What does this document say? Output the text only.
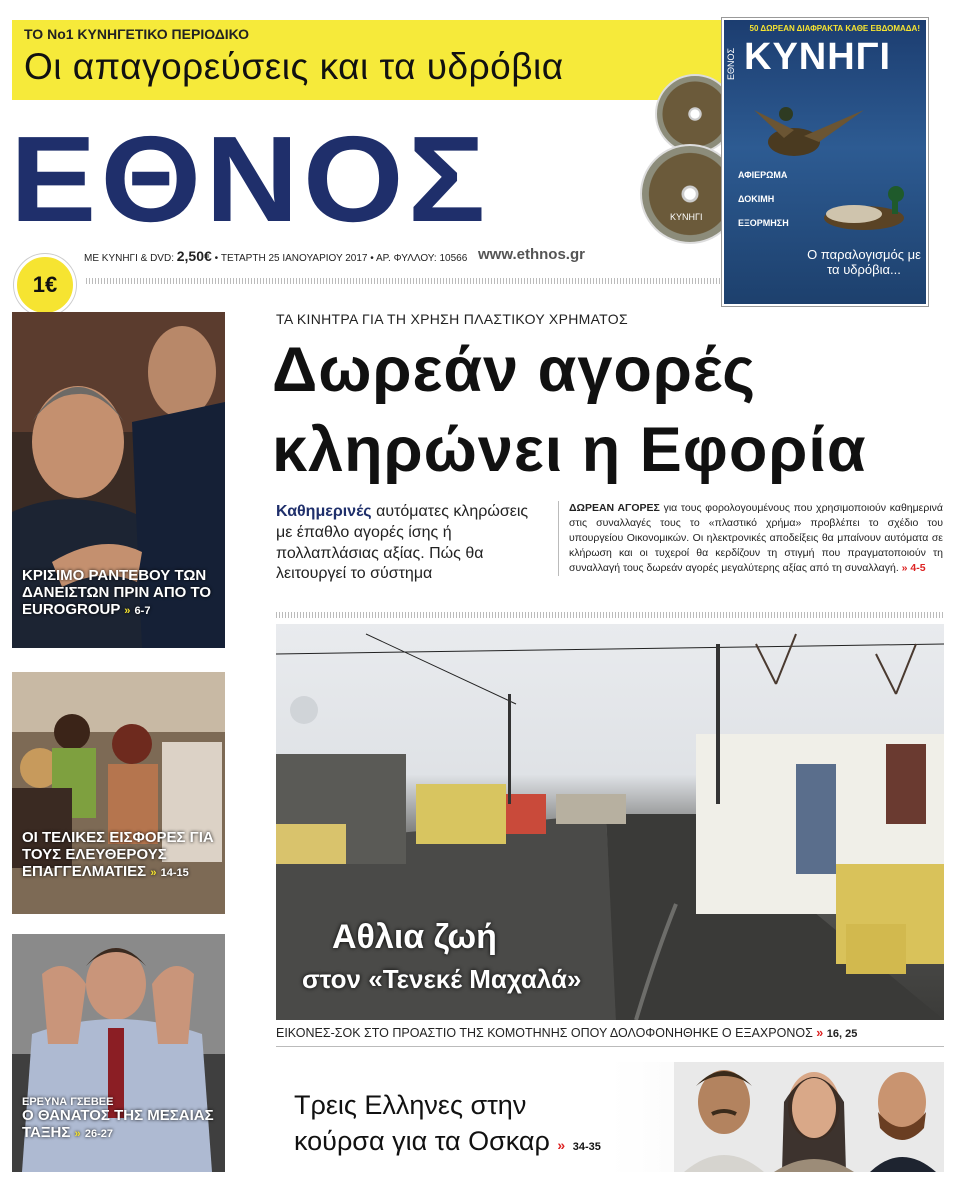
ΤΟ Νο1 ΚΥΝΗΓΕΤΙΚΟ ΠΕΡΙΟΔΙΚΟ
Οι απαγορεύσεις και τα υδρόβια
ΕΘΝΟΣ
ΜΕ ΚΥΝΗΓΙ & DVD: 2,50€ • ΤΕΤΑΡΤΗ 25 ΙΑΝΟΥΑΡΙΟΥ 2017 • ΑΡ. ΦΥΛΛΟΥ: 10566 www.ethnos.gr
1€
ΚΥΝΗΓΙ
50 ΔΩΡΕΑΝ ΔΙΑΦΡΑΚΤΑ ΚΑΘΕ ΕΒΔΟΜΑΔΑ!
ΕΘΝΟΣ ΚΥΝΗΓΙ
ΑΦΙΕΡΩΜΑ
ΔΟΚΙΜΗ
ΕΞΟΡΜΗΣΗ
Ο παραλογισμός με τα υδρόβια...
ΚΡΙΣΙΜΟ ΡΑΝΤΕΒΟΥ ΤΩΝ ΔΑΝΕΙΣΤΩΝ ΠΡΙΝ ΑΠΟ ΤΟ EUROGROUP » 6-7
ΟΙ ΤΕΛΙΚΕΣ ΕΙΣΦΟΡΕΣ ΓΙΑ ΤΟΥΣ ΕΛΕΥΘΕΡΟΥΣ ΕΠΑΓΓΕΛΜΑΤΙΕΣ » 14-15
ΕΡΕΥΝΑ ΓΣΕΒΕΕ
Ο ΘΑΝΑΤΟΣ ΤΗΣ ΜΕΣΑΙΑΣ ΤΑΞΗΣ » 26-27
ΤΑ ΚΙΝΗΤΡΑ ΓΙΑ ΤΗ ΧΡΗΣΗ ΠΛΑΣΤΙΚΟΥ ΧΡΗΜΑΤΟΣ
Δωρεάν αγορές
κληρώνει η Εφορία
Καθημερινές αυτόματες κληρώσεις με έπαθλο αγορές ίσης ή πολλαπλάσιας αξίας. Πώς θα λειτουργεί το σύστημα
ΔΩΡΕΑΝ ΑΓΟΡΕΣ για τους φορολογουμένους που χρησιμοποιούν καθημερινά στις συναλλαγές τους το «πλαστικό χρήμα» προβλέπει το σχέδιο του υπουργείου Οικονομικών. Οι ηλεκτρονικές αποδείξεις θα μπαίνουν αυτόματα σε κλήρωση και οι τυχεροί θα κερδίζουν τη στιγμή που πραγματοποιούν τη συναλλαγή τους δωρεάν αγορές μεγαλύτερης αξίας από τη συναλλαγή. » 4-5
Αθλια ζωή
στον «Τενεκέ Μαχαλά»
ΕΙΚΟΝΕΣ-ΣΟΚ ΣΤΟ ΠΡΟΑΣΤΙΟ ΤΗΣ ΚΟΜΟΤΗΝΗΣ ΟΠΟΥ ΔΟΛΟΦΟΝΗΘΗΚΕ Ο ΕΞΑΧΡΟΝΟΣ » 16, 25
Τρεις Ελληνες στην
κούρσα για τα Οσκαρ » 34-35
